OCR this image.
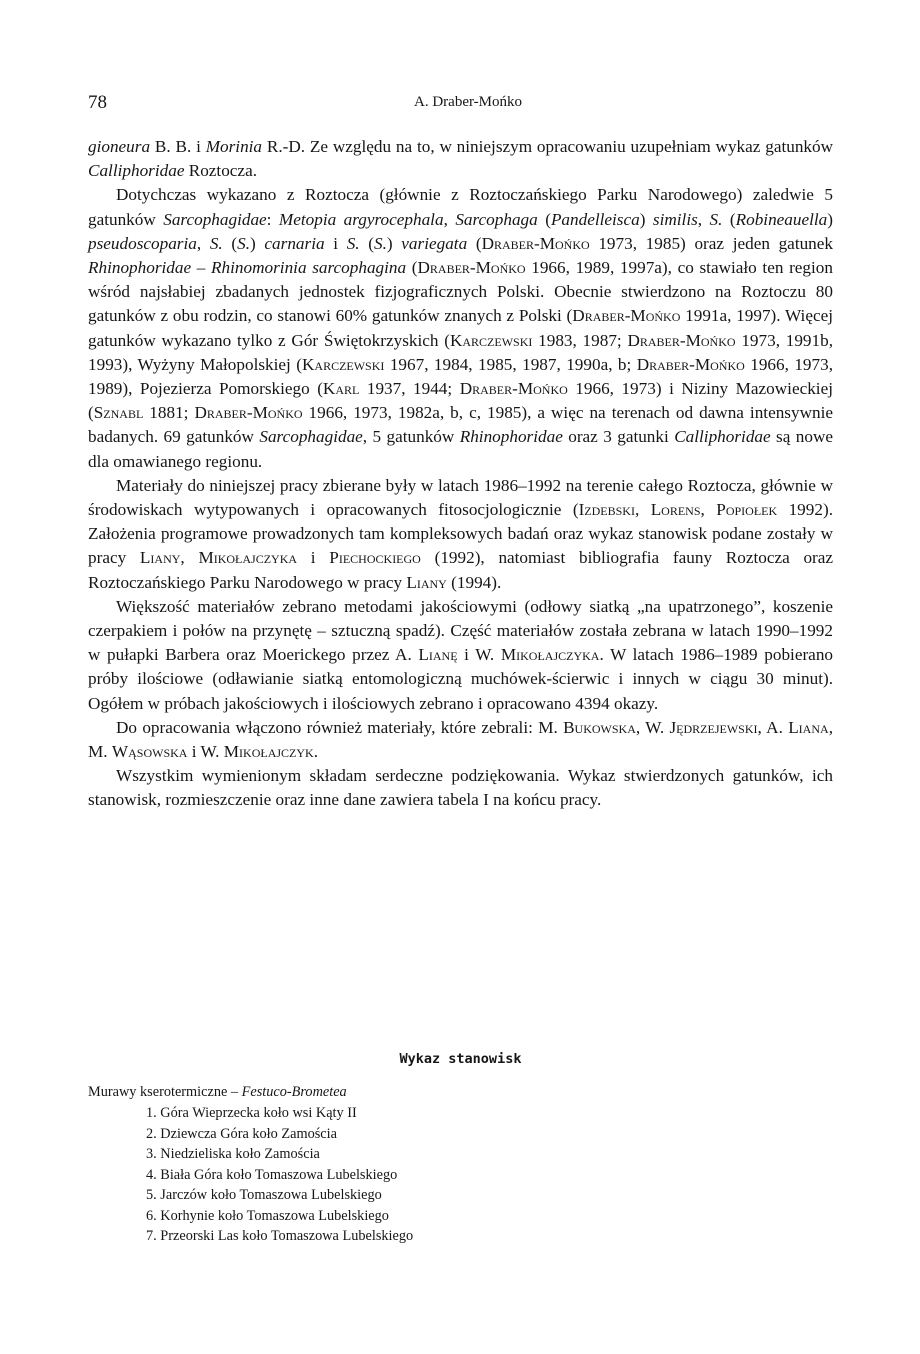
78	A. Draber-Mońko

gioneura B. B. i Morinia R.-D. Ze względu na to, w niniejszym opracowaniu uzupełniam wykaz gatunków Calliphoridae Roztocza.

Dotychczas wykazano z Roztocza (głównie z Roztoczańskiego Parku Narodowego) zaledwie 5 gatunków Sarcophagidae: Metopia argyrocephala, Sarcophaga (Pandelleisca) similis, S. (Robineauella) pseudoscoparia, S. (S.) carnaria i S. (S.) variegata (Draber-Mońko 1973, 1985) oraz jeden gatunek Rhinophoridae – Rhinomorinia sarcophagina (Draber-Mońko 1966, 1989, 1997a), co stawiało ten region wśród najsłabiej zbadanych jednostek fizjograficznych Polski. Obecnie stwierdzono na Roztoczu 80 gatunków z obu rodzin, co stanowi 60% gatunków znanych z Polski (Draber-Mońko 1991a, 1997). Więcej gatunków wykazano tylko z Gór Świętokrzyskich (Karczewski 1983, 1987; Draber-Mońko 1973, 1991b, 1993), Wyżyny Małopolskiej (Karczewski 1967, 1984, 1985, 1987, 1990a, b; Draber-Mońko 1966, 1973, 1989), Pojezierza Pomorskiego (Karl 1937, 1944; Draber-Mońko 1966, 1973) i Niziny Mazowieckiej (Sznabl 1881; Draber-Mońko 1966, 1973, 1982a, b, c, 1985), a więc na terenach od dawna intensywnie badanych. 69 gatunków Sarcophagidae, 5 gatunków Rhinophoridae oraz 3 gatunki Calliphoridae są nowe dla omawianego regionu.

Materiały do niniejszej pracy zbierane były w latach 1986–1992 na terenie całego Roztocza, głównie w środowiskach wytypowanych i opracowanych fitosocjologicznie (Izdebski, Lorens, Popiołek 1992). Założenia programowe prowadzonych tam kompleksowych badań oraz wykaz stanowisk podane zostały w pracy Liany, Mikołajczyka i Piechockiego (1992), natomiast bibliografia fauny Roztocza oraz Roztoczańskiego Parku Narodowego w pracy Liany (1994).

Większość materiałów zebrano metodami jakościowymi (odłowy siatką „na upatrzonego”, koszenie czerpakiem i połów na przynętę – sztuczną spadź). Część materiałów została zebrana w latach 1990–1992 w pułapki Barbera oraz Moerickego przez A. Lianę i W. Mikołajczyka. W latach 1986–1989 pobierano próby ilościowe (odławianie siatką entomologiczną muchówek-ścierwic i innych w ciągu 30 minut). Ogółem w próbach jakościowych i ilościowych zebrano i opracowano 4394 okazy.

Do opracowania włączono również materiały, które zebrali: M. Bukowska, W. Jędrzejewski, A. Liana, M. Wąsowska i W. Mikołajczyk.

Wszystkim wymienionym składam serdeczne podziękowania. Wykaz stwierdzonych gatunków, ich stanowisk, rozmieszczenie oraz inne dane zawiera tabela I na końcu pracy.

Wykaz stanowisk
Murawy kserotermiczne – Festuco-Brometea
1. Góra Wieprzecka koło wsi Kąty II
2. Dziewcza Góra koło Zamościa
3. Niedzieliska koło Zamościa
4. Biała Góra koło Tomaszowa Lubelskiego
5. Jarczów koło Tomaszowa Lubelskiego
6. Korhynie koło Tomaszowa Lubelskiego
7. Przeorski Las koło Tomaszowa Lubelskiego
